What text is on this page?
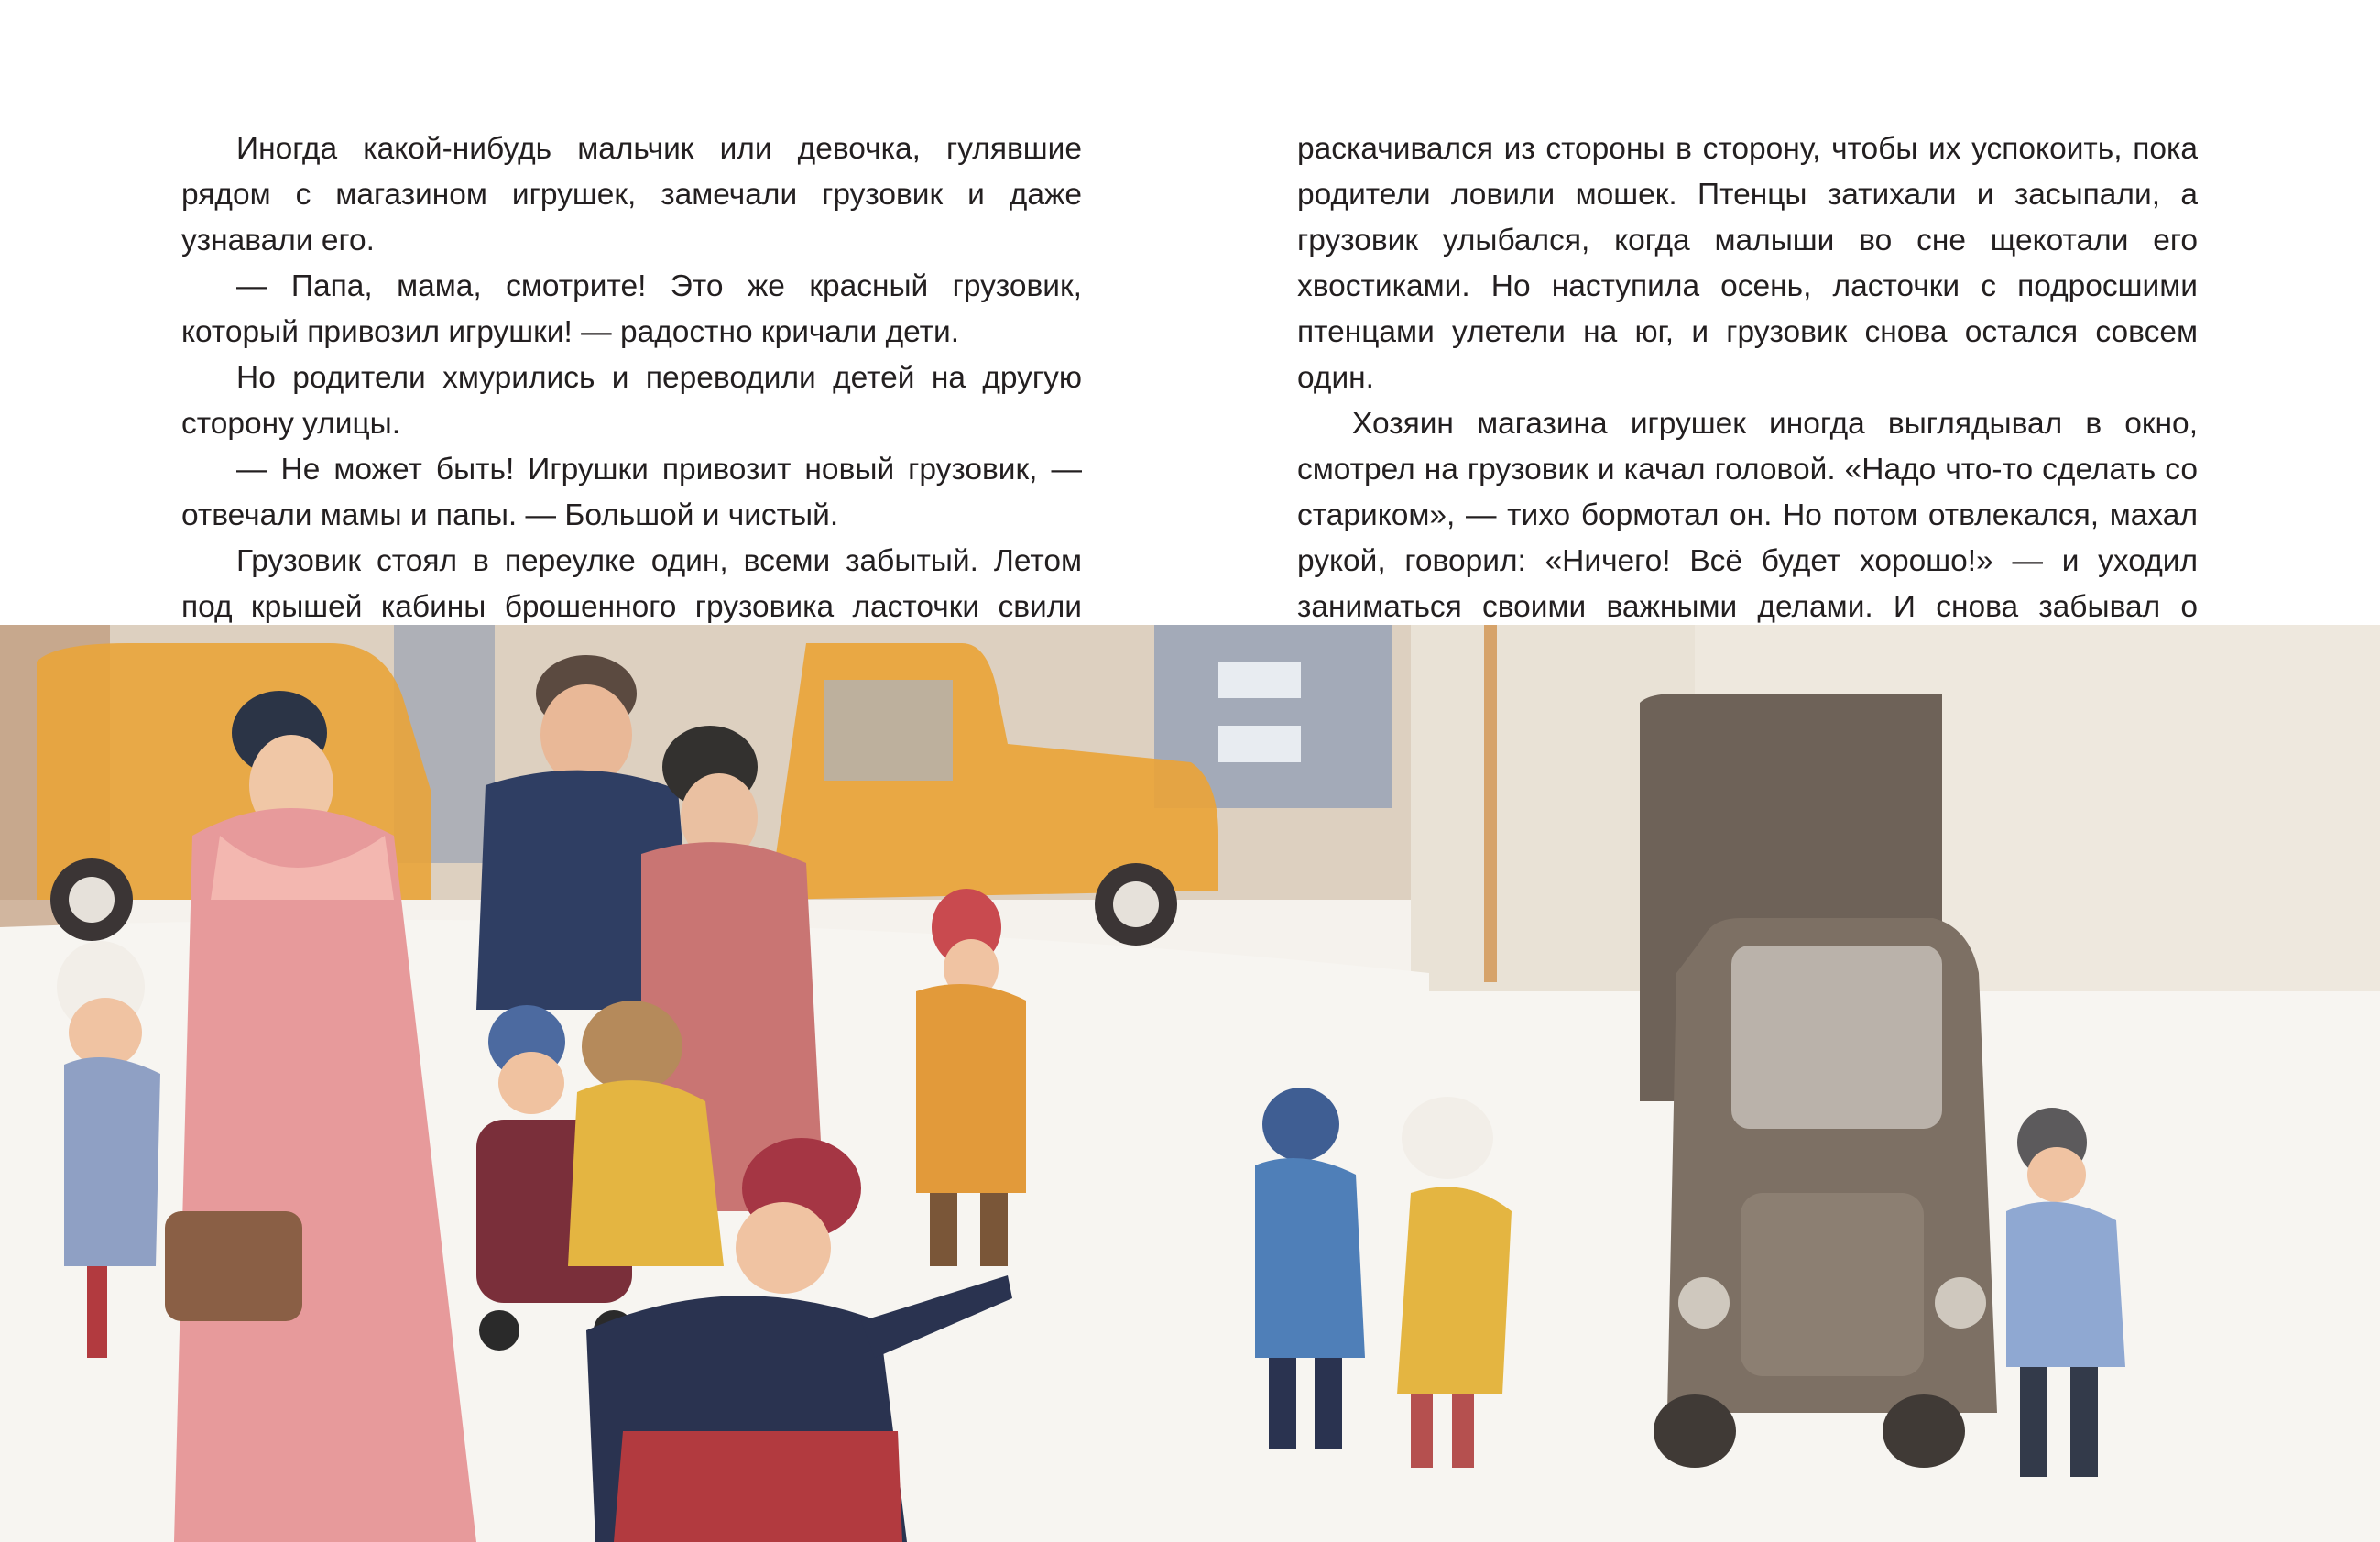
Иногда какой-нибудь мальчик или девочка, гулявшие рядом с магазином игрушек, замечали грузовик и даже узнавали его.

— Папа, мама, смотрите! Это же красный грузовик, который привозил игрушки! — радостно кричали дети.

Но родители хмурились и переводили детей на другую сторону улицы.

— Не может быть! Игрушки привозит новый грузовик, — отвечали мамы и папы. — Большой и чистый.

Грузовик стоял в переулке один, всеми забытый. Летом под крышей кабины брошенного грузовика ласточки свили

раскачивался из стороны в сторону, чтобы их успокоить, пока родители ловили мошек. Птенцы затихали и засыпали, а грузовик улыбался, когда малыши во сне щекотали его хвостиками. Но наступила осень, ласточки с подросшими птенцами улетели на юг, и грузовик снова остался совсем один.

Хозяин магазина игрушек иногда выглядывал в окно, смотрел на грузовик и качал головой. «Надо что-то сделать со стариком», — тихо бормотал он. Но потом отвлекался, махал рукой, говорил: «Ничего! Всё будет хорошо!» — и уходил заниматься своими важными делами. И снова забывал о
